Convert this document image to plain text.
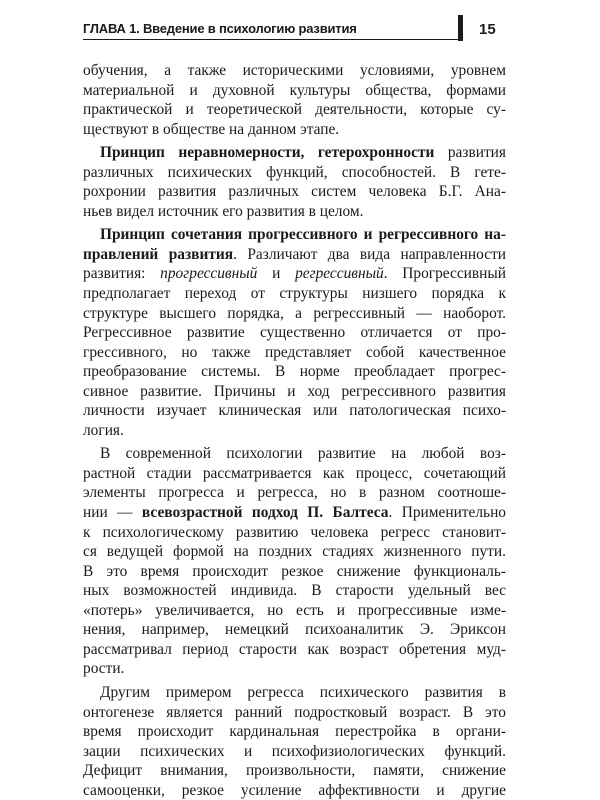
ГЛАВА 1. Введение в психологию развития	15
обучения, а также историческими условиями, уровнем
материальной и духовной культуры общества, формами
практической и теоретической деятельности, которые су-
ществуют в обществе на данном этапе.
Принцип неравномерности, гетерохронности развития
различных психических функций, способностей. В гете-
рохронии развития различных систем человека Б.Г. Ана-
ньев видел источник его развития в целом.
Принцип сочетания прогрессивного и регрессивного на-
правлений развития. Различают два вида направленности
развития: прогрессивный и регрессивный. Прогрессивный
предполагает переход от структуры низшего порядка к
структуре высшего порядка, а регрессивный — наоборот.
Регрессивное развитие существенно отличается от про-
грессивного, но также представляет собой качественное
преобразование системы. В норме преобладает прогрес-
сивное развитие. Причины и ход регрессивного развития
личности изучает клиническая или патологическая психо-
логия.
В современной психологии развитие на любой воз-
растной стадии рассматривается как процесс, сочетающий
элементы прогресса и регресса, но в разном соотноше-
нии — всевозрастной подход П. Балтеса. Применительно
к психологическому развитию человека регресс становит-
ся ведущей формой на поздних стадиях жизненного пути.
В это время происходит резкое снижение функциональ-
ных возможностей индивида. В старости удельный вес
«потерь» увеличивается, но есть и прогрессивные изме-
нения, например, немецкий психоаналитик Э. Эриксон
рассматривал период старости как возраст обретения муд-
рости.
Другим примером регресса психического развития в
онтогенезе является ранний подростковый возраст. В это
время происходит кардинальная перестройка в органи-
зации психических и психофизиологических функций.
Дефицит внимания, произвольности, памяти, снижение
самооценки, резкое усиление аффективности и другие
